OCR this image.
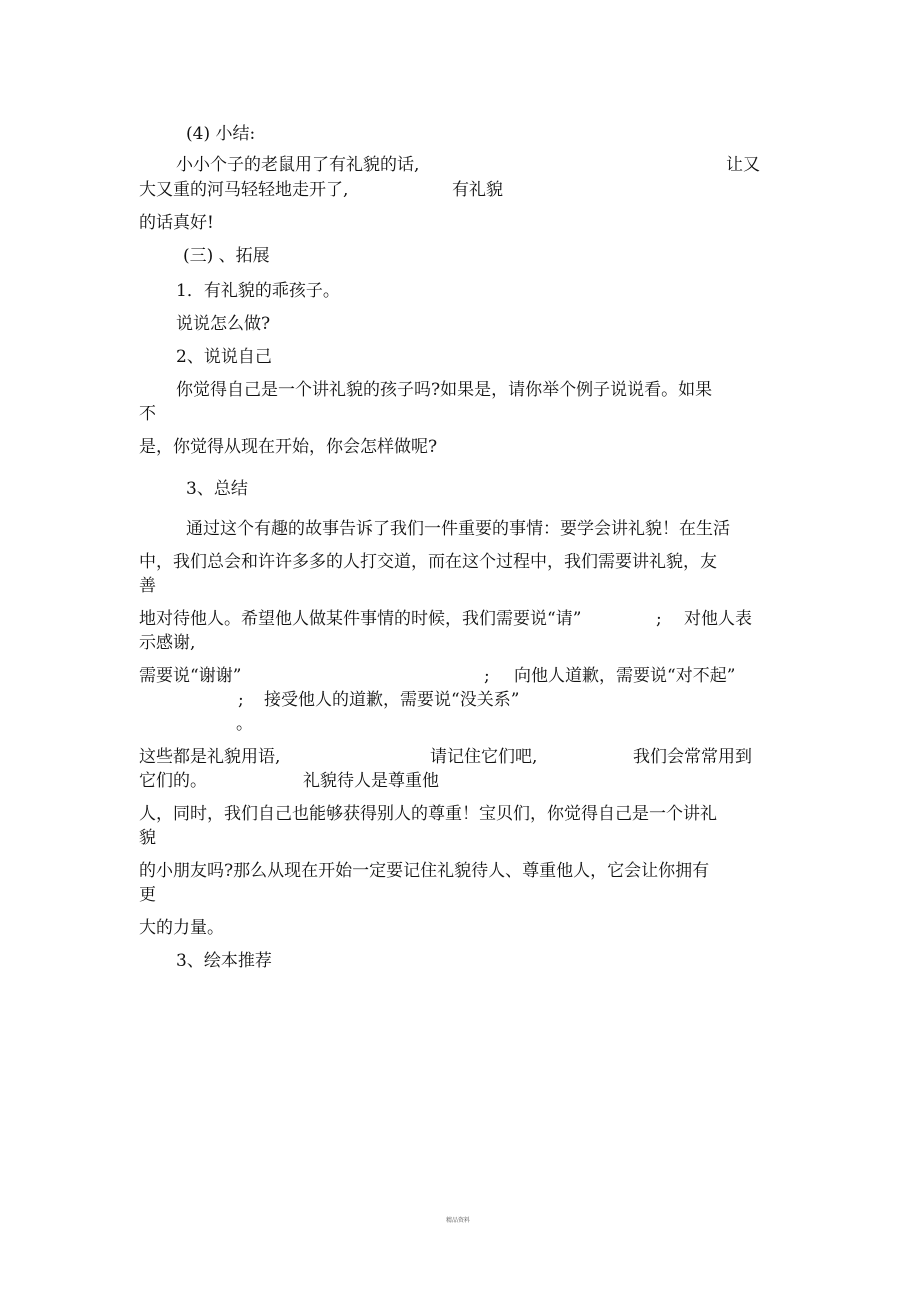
(4) 小结:
小小个子的老鼠用了有礼貌的话,	让又
大又重的河马轻轻地走开了,	有礼貌
的话真好!
(三) 、拓展
1．有礼貌的乖孩子。
说说怎么做?
2、说说自己
你觉得自己是一个讲礼貌的孩子吗?如果是，请你举个例子说说看。如果
不
是，你觉得从现在开始，你会怎样做呢?
3、总结
通过这个有趣的故事告诉了我们一件重要的事情：要学会讲礼貌！在生活
中，我们总会和许许多多的人打交道，而在这个过程中，我们需要讲礼貌，友
善
地对待他人。希望他人做某件事情的时候，我们需要说“请”	; 对他人表
示感谢,
需要说“谢谢”	; 向他人道歉，需要说“对不起”
; 接受他人的道歉，需要说“没关系”
。
这些都是礼貌用语,	请记住它们吧,	我们会常常用到
它们的。	礼貌待人是尊重他
人，同时，我们自己也能够获得别人的尊重！宝贝们，你觉得自己是一个讲礼
貌
的小朋友吗?那么从现在开始一定要记住礼貌待人、尊重他人，它会让你拥有
更
大的力量。
3、绘本推荐
精品资料
